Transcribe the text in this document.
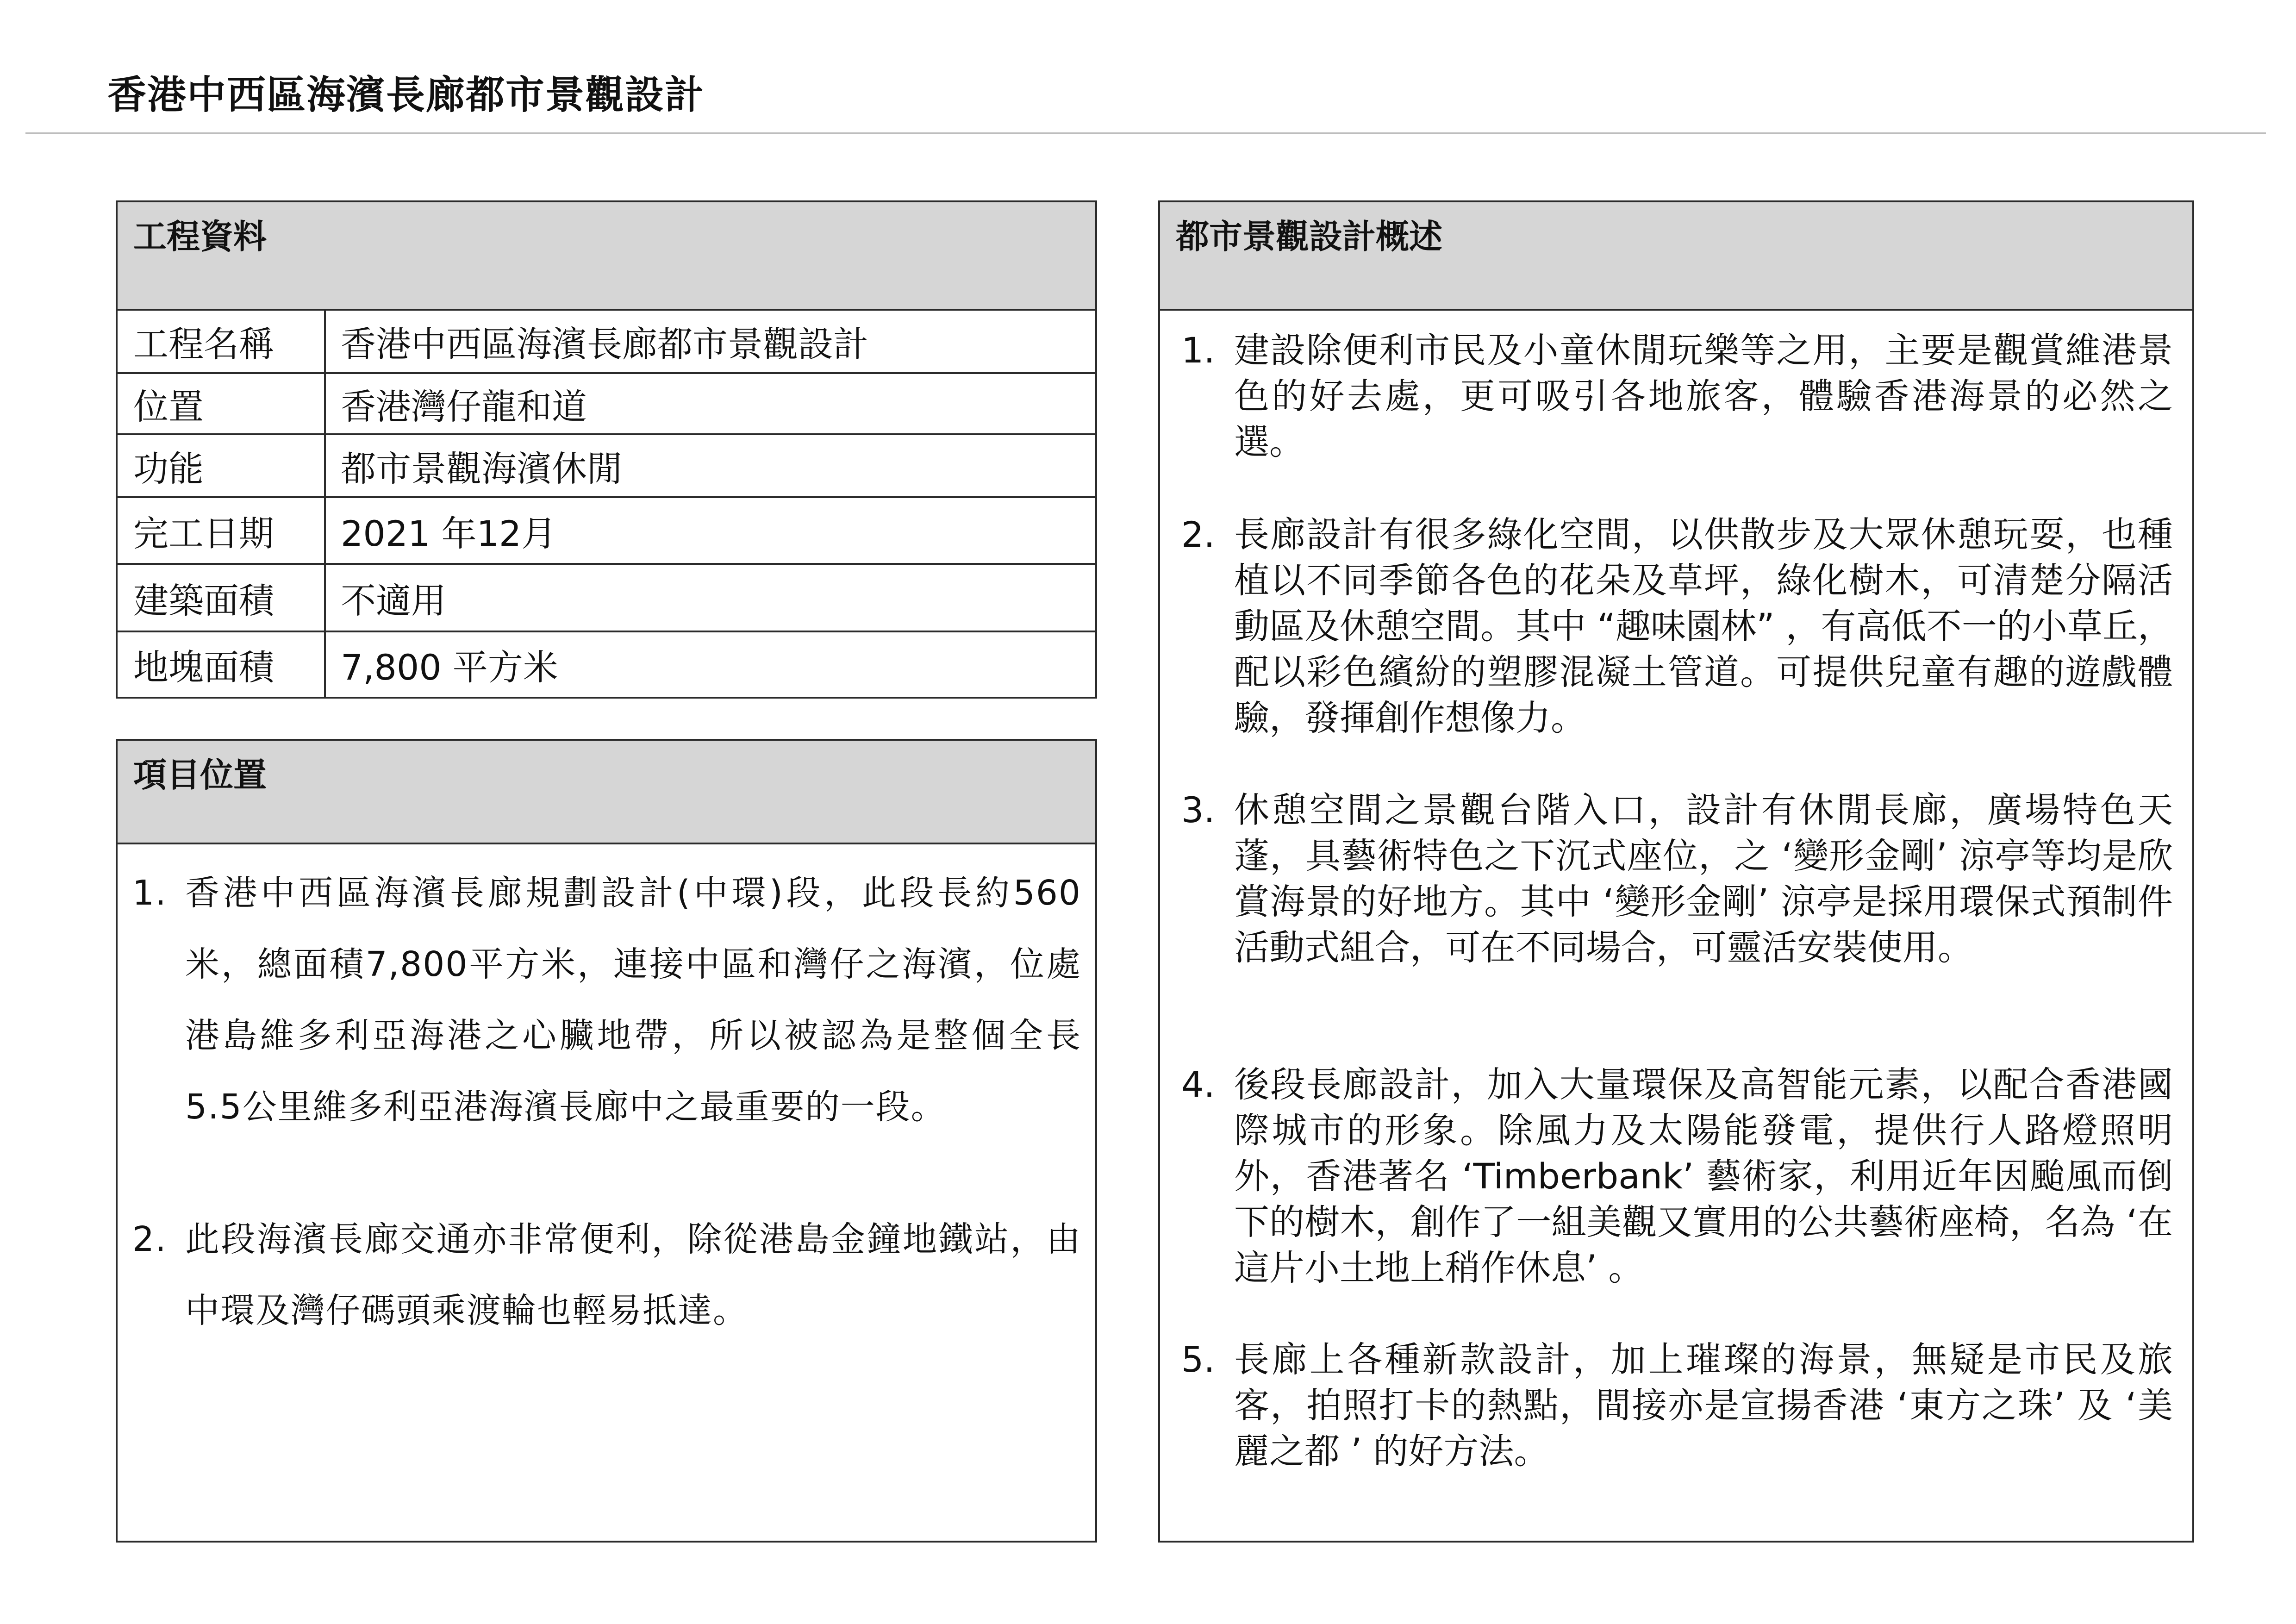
香港中西區海濱長廊都市景觀設計
工程資料
工程名稱	香港中西區海濱長廊都市景觀設計
位置	香港灣仔龍和道
功能	都市景觀海濱休閒
完工日期	2021 年12月
建築面積	不適用
地塊面積	7,800 平方米
項目位置
1. 香港中西區海濱長廊規劃設計(中環)段，此段長約560米，總面積7,800平方米，連接中區和灣仔之海濱，位處港島維多利亞海港之心臟地帶，所以被認為是整個全長5.5公里維多利亞港海濱長廊中之最重要的一段。
2. 此段海濱長廊交通亦非常便利，除從港島金鐘地鐵站，由中環及灣仔碼頭乘渡輪也輕易抵達。
都市景觀設計概述
1. 建設除便利市民及小童休閒玩樂等之用，主要是觀賞維港景色的好去處，更可吸引各地旅客，體驗香港海景的必然之選。
2. 長廊設計有很多綠化空間，以供散步及大眾休憩玩耍，也種植以不同季節各色的花朵及草坪，綠化樹木，可清楚分隔活動區及休憩空間。其中 “趣味園林” ，有高低不一的小草丘，配以彩色繽紛的塑膠混凝土管道。可提供兒童有趣的遊戲體驗，發揮創作想像力。
3. 休憩空間之景觀台階入口，設計有休閒長廊，廣場特色天蓬，具藝術特色之下沉式座位，之 ‘變形金剛’ 涼亭等均是欣賞海景的好地方。其中 ‘變形金剛’ 涼亭是採用環保式預制件活動式組合，可在不同場合，可靈活安裝使用。
4. 後段長廊設計，加入大量環保及高智能元素，以配合香港國際城市的形象。除風力及太陽能發電，提供行人路燈照明外，香港著名 ‘Timberbank’ 藝術家，利用近年因颱風而倒下的樹木，創作了一組美觀又實用的公共藝術座椅，名為 ‘在這片小土地上稍作休息’ 。
5. 長廊上各種新款設計，加上璀璨的海景，無疑是市民及旅客，拍照打卡的熱點，間接亦是宣揚香港 ‘東方之珠’ 及 ‘美麗之都 ’ 的好方法。
